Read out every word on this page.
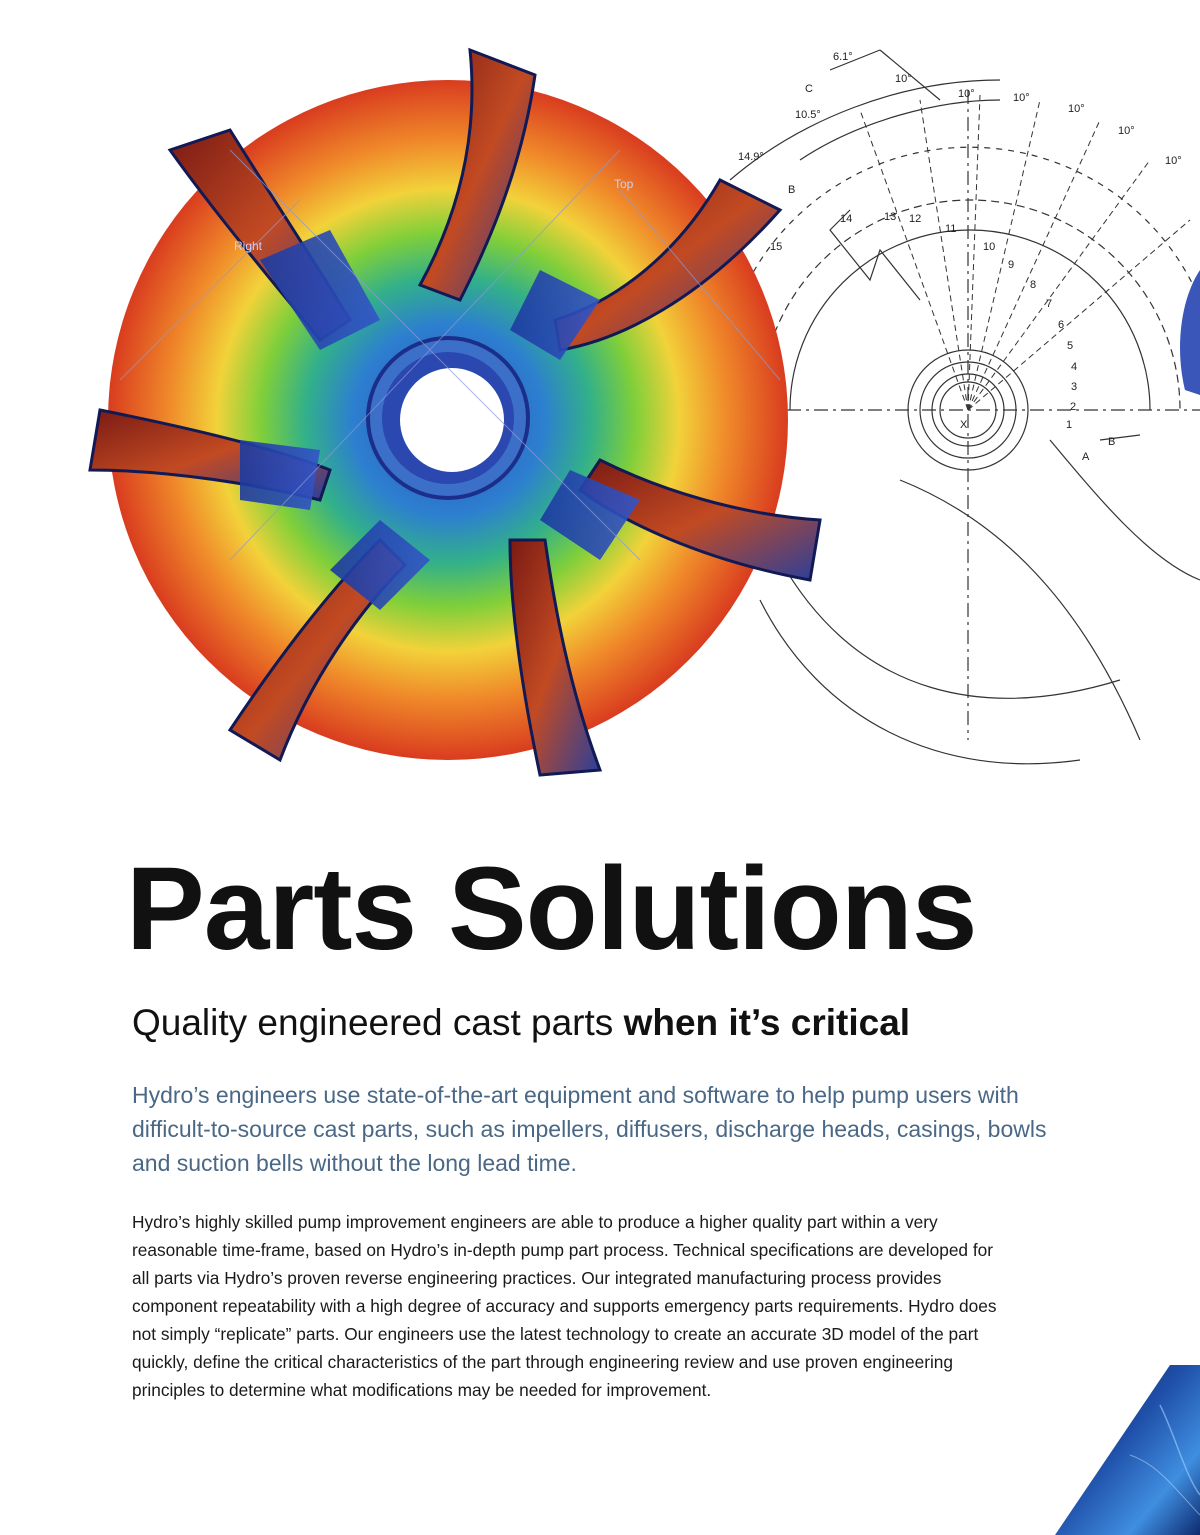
6.1°
10°
10°	10°
10°
10°
10°
10.5°
14.9°
C
B
X
B
A
14	13 12
11
10
9
8
7
6
5
4
3
2
1
15
Top
Right
Parts Solutions

Quality engineered cast parts when it’s critical

Hydro’s engineers use state-of-the-art equipment and software to help pump users with difficult-to-source cast parts, such as impellers, diffusers, discharge heads, casings, bowls and suction bells without the long lead time.

Hydro’s highly skilled pump improvement engineers are able to produce a higher quality part within a very reasonable time-frame, based on Hydro’s in-depth pump part process. Technical specifications are developed for all parts via Hydro’s proven reverse engineering practices. Our integrated manufacturing process provides component repeatability with a high degree of accuracy and supports emergency parts requirements. Hydro does not simply “replicate” parts. Our engineers use the latest technology to create an accurate 3D model of the part quickly, define the critical characteristics of the part through engineering review and use proven engineering principles to determine what modifications may be needed for improvement.
